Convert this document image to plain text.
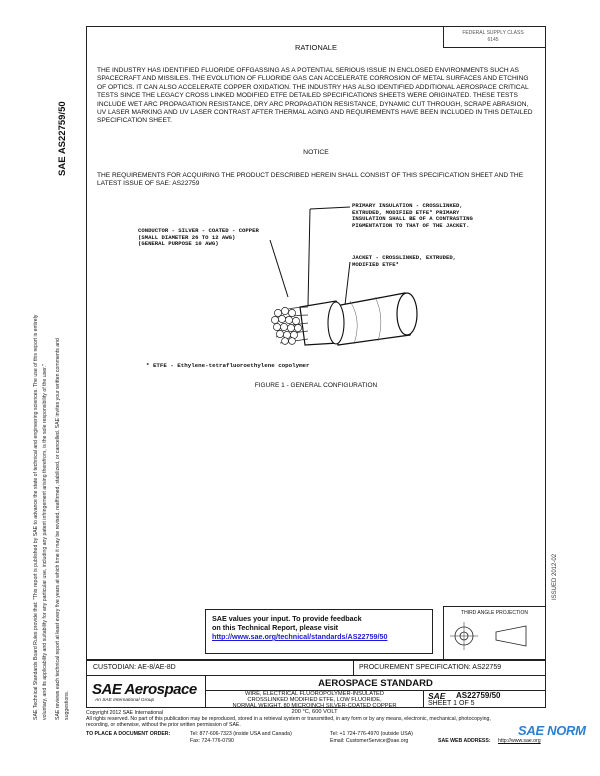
SAE Technical Standards Board Rules provide that: "This report is published by SAE to advance the state of technical and engineering sciences. The use of this report is entirely voluntary, and its applicability and suitability for any particular use, including any patent infringement arising therefrom, is the sole responsibility of the user." SAE reviews each technical report at least every five years at which time it may be revised, reaffirmed, stabilized, or cancelled. SAE invites your written comments and suggestions.
SAE AS22759/50
FEDERAL SUPPLY CLASS
6145
RATIONALE
THE INDUSTRY HAS IDENTIFIED FLUORIDE OFFGASSING AS A POTENTIAL SERIOUS ISSUE IN ENCLOSED ENVIRONMENTS SUCH AS SPACECRAFT AND MISSILES. THE EVOLUTION OF FLUORIDE GAS CAN ACCELERATE CORROSION OF METAL SURFACES AND ETCHING OF OPTICS. IT CAN ALSO ACCELERATE COPPER OXIDATION. THE INDUSTRY HAS ALSO IDENTIFIED ADDITIONAL AEROSPACE CRITICAL TESTS SINCE THE LEGACY CROSS LINKED MODIFIED ETFE DETAILED SPECIFICATIONS SHEETS WERE ORIGINATED. THESE TESTS INCLUDE WET ARC PROPAGATION RESISTANCE, DRY ARC PROPAGATION RESISTANCE, DYNAMIC CUT THROUGH, SCRAPE ABRASION, UV LASER MARKING AND UV LASER CONTRAST AFTER THERMAL AGING AND REQUIREMENTS HAVE BEEN INCLUDED IN THIS DETAILED SPECIFICATION SHEET.
NOTICE
THE REQUIREMENTS FOR ACQUIRING THE PRODUCT DESCRIBED HEREIN SHALL CONSIST OF THIS SPECIFICATION SHEET AND THE LATEST ISSUE OF SAE: AS22759
PRIMARY INSULATION - CROSSLINKED, EXTRUDED, MODIFIED ETFE* PRIMARY INSULATION SHALL BE OF A CONTRASTING PIGMENTATION TO THAT OF THE JACKET.
CONDUCTOR - SILVER - COATED - COPPER
(SMALL DIAMETER 26 TO 12 AWG)
(GENERAL PURPOSE 10 AWG)
JACKET - CROSSLINKED, EXTRUDED, MODIFIED ETFE*
* ETFE - Ethylene-tetrafluoroethylene copolymer
FIGURE 1 - GENERAL CONFIGURATION
ISSUED 2012-02
SAE values your input. To provide feedback
on this Technical Report, please visit
http://www.sae.org/technical/standards/AS22759/50
THIRD ANGLE PROJECTION
CUSTODIAN: AE-8/AE-8D	PROCUREMENT SPECIFICATION: AS22759
SAE Aerospace
An SAE International Group
AEROSPACE STANDARD
WIRE, ELECTRICAL FLUOROPOLYMER-INSULATED
CROSSLINKED MODIFIED ETFE, LOW FLUORIDE,
NORMAL WEIGHT, 80 MICROINCH SILVER-COATED COPPER
200 °C, 600 VOLT
SAE AS22759/50
SHEET 1 OF 5
Copyright 2012 SAE International
All rights reserved. No part of this publication may be reproduced, stored in a retrieval system or transmitted, in any form or by any means, electronic, mechanical, photocopying,
recording, or otherwise, without the prior written permission of SAE.
TO PLACE A DOCUMENT ORDER:	Tel: 877-606-7323 (inside USA and Canada)
Fax: 724-776-0790
Tel: +1 724-776-4970 (outside USA)
Email: CustomerService@sae.org	SAE WEB ADDRESS: http://www.sae.org
SAE NORM
